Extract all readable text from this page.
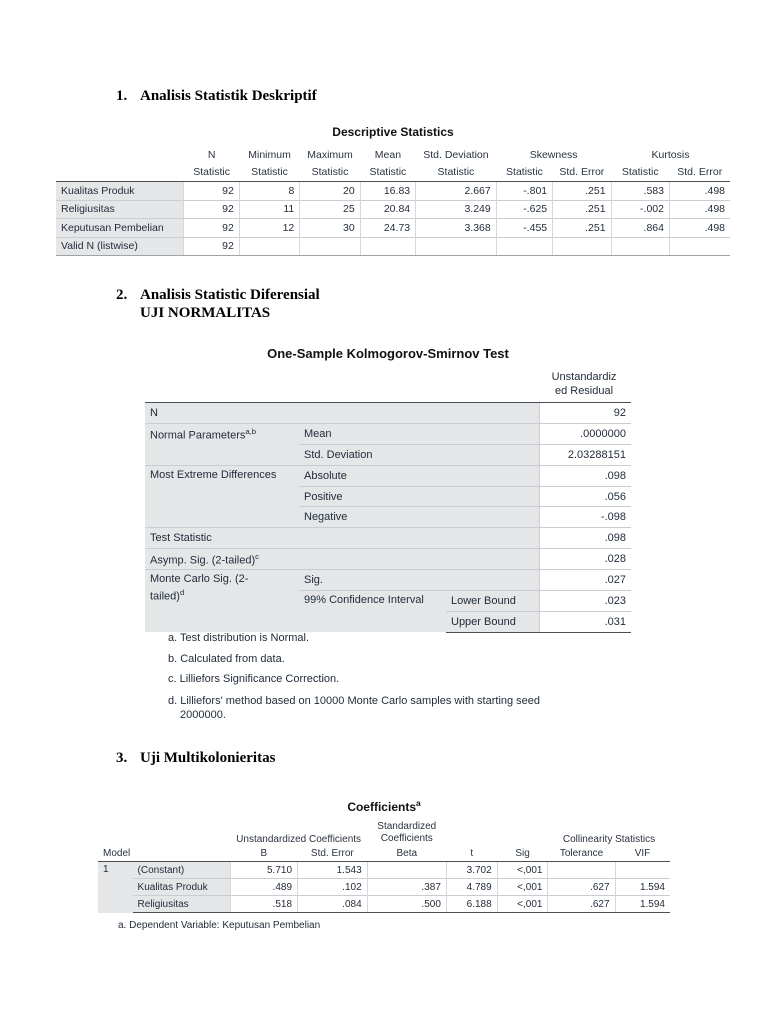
1. Analisis Statistik Deskriptif
Descriptive Statistics
	N	Minimum	Maximum	Mean	Std. Deviation	Skewness		Kurtosis	
	Statistic	Statistic	Statistic	Statistic	Statistic	Statistic	Std. Error	Statistic	Std. Error
Kualitas Produk	92	8	20	16.83	2.667	-.801	.251	.583	.498
Religiusitas	92	11	25	20.84	3.249	-.625	.251	-.002	.498
Keputusan Pembelian	92	12	30	24.73	3.368	-.455	.251	.864	.498
Valid N (listwise)	92								
2. Analisis Statistic Diferensial
UJI NORMALITAS
One-Sample Kolmogorov-Smirnov Test
Unstandardiz
ed Residual
N			92
Normal Parameters$^{a,b}$	Mean		.0000000
	Std. Deviation		2.03288151
Most Extreme Differences	Absolute		.098
	Positive		.056
	Negative		-.098
Test Statistic			.098
Asymp. Sig. (2-tailed)$^c$			.028
Monte Carlo Sig. (2-
tailed)$^d$	Sig.		.027
	99% Confidence Interval	Lower Bound	.023
		Upper Bound	.031
a. Test distribution is Normal.
b. Calculated from data.
c. Lilliefors Significance Correction.
d. Lilliefors' method based on 10000 Monte Carlo samples with starting seed
2000000.
3. Uji Multikolonieritas
Coefficients$^a$
		Unstandardized Coefficients		Standardized
Coefficients			Collinearity Statistics	
Model		B	Std. Error	Beta	t	Sig	Tolerance	VIF
1	(Constant)	5.710	1.543		3.702	<,001		
	Kualitas Produk	.489	.102	.387	4.789	<,001	.627	1.594
	Religiusitas	.518	.084	.500	6.188	<,001	.627	1.594
a. Dependent Variable: Keputusan Pembelian
